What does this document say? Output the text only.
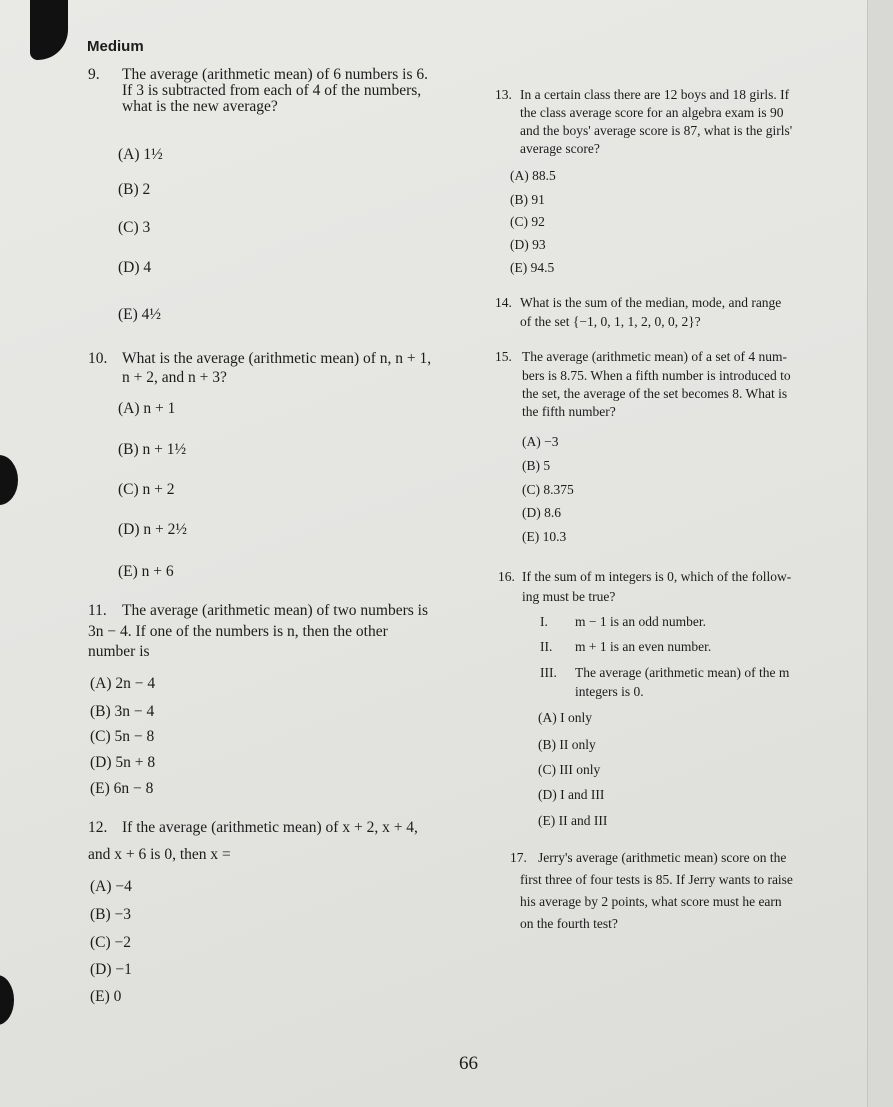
Medium
9. The average (arithmetic mean) of 6 numbers is 6.
If 3 is subtracted from each of 4 of the numbers,
what is the new average?
(A) 1½
(B) 2
(C) 3
(D) 4
(E) 4½
10. What is the average (arithmetic mean) of n, n + 1,
n + 2, and n + 3?
(A) n + 1
(B) n + 1½
(C) n + 2
(D) n + 2½
(E) n + 6
11. The average (arithmetic mean) of two numbers is
3n − 4. If one of the numbers is n, then the other
number is
(A) 2n − 4
(B) 3n − 4
(C) 5n − 8
(D) 5n + 8
(E) 6n − 8
12. If the average (arithmetic mean) of x + 2, x + 4,
and x + 6 is 0, then x =
(A) −4
(B) −3
(C) −2
(D) −1
(E) 0
13. In a certain class there are 12 boys and 18 girls. If
the class average score for an algebra exam is 90
and the boys' average score is 87, what is the girls'
average score?
(A) 88.5
(B) 91
(C) 92
(D) 93
(E) 94.5
14. What is the sum of the median, mode, and range
of the set {−1, 0, 1, 1, 2, 0, 0, 2}?
15. The average (arithmetic mean) of a set of 4 num-
bers is 8.75. When a fifth number is introduced to
the set, the average of the set becomes 8. What is
the fifth number?
(A) −3
(B) 5
(C) 8.375
(D) 8.6
(E) 10.3
16. If the sum of m integers is 0, which of the follow-
ing must be true?
I. m − 1 is an odd number.
II. m + 1 is an even number.
III. The average (arithmetic mean) of the m
integers is 0.
(A) I only
(B) II only
(C) III only
(D) I and III
(E) II and III
17. Jerry's average (arithmetic mean) score on the
first three of four tests is 85. If Jerry wants to raise
his average by 2 points, what score must he earn
on the fourth test?
66
